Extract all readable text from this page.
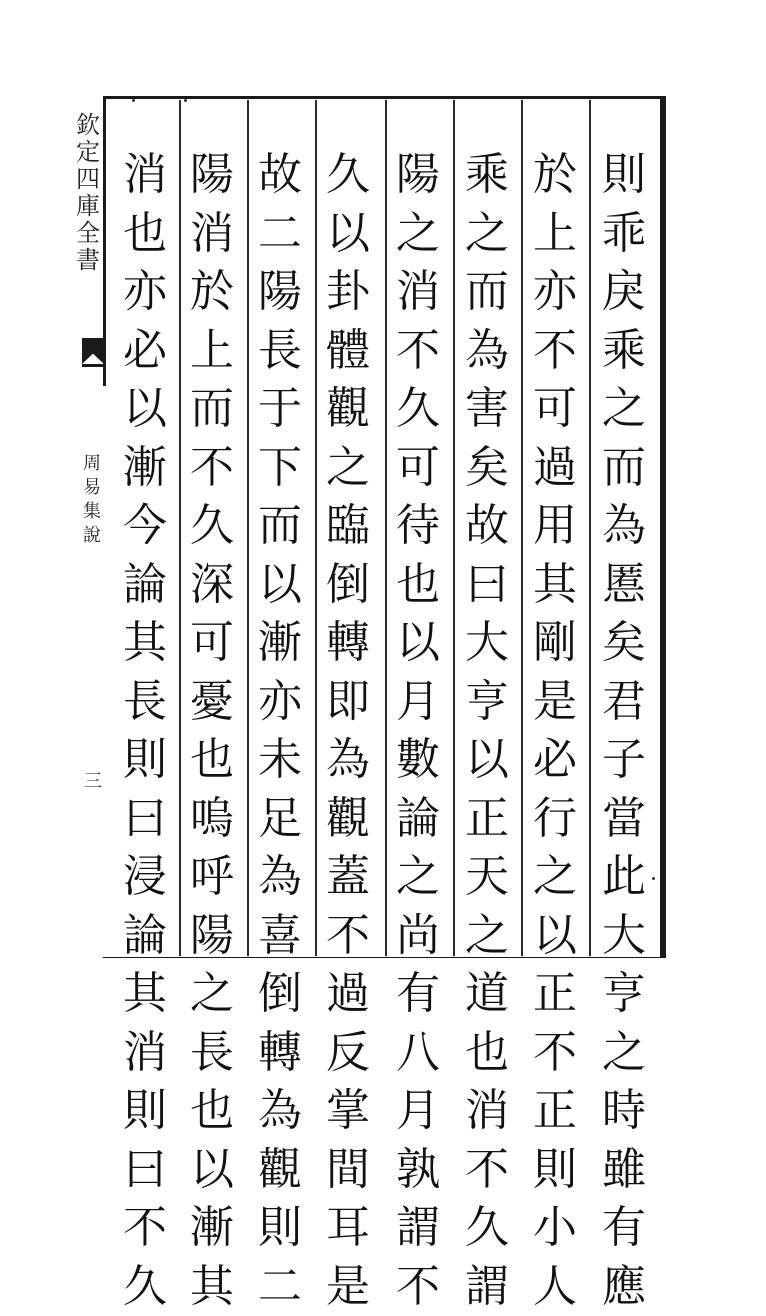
欽
定
四
庫
全
書
周
易
集
說
三
則
乖
戾
乘
之
而
為
慝
矣
君
子
當
此
大
亨
之
時
雖
有
應
於
上
亦
不
可
過
用
其
剛
是
必
行
之
以
正
不
正
則
小
人
乘
之
而
為
害
矣
故
曰
大
亨
以
正
天
之
道
也
消
不
久
謂
陽
之
消
不
久
可
待
也
以
月
數
論
之
尚
有
八
月
孰
謂
不
久
以
卦
體
觀
之
臨
倒
轉
即
為
觀
蓋
不
過
反
掌
間
耳
是
故
二
陽
長
于
下
而
以
漸
亦
未
足
為
喜
倒
轉
為
觀
則
二
陽
消
於
上
而
不
久
深
可
憂
也
嗚
呼
陽
之
長
也
以
漸
其
消
也
亦
必
以
漸
今
論
其
長
則
曰
浸
論
其
消
則
曰
不
久
